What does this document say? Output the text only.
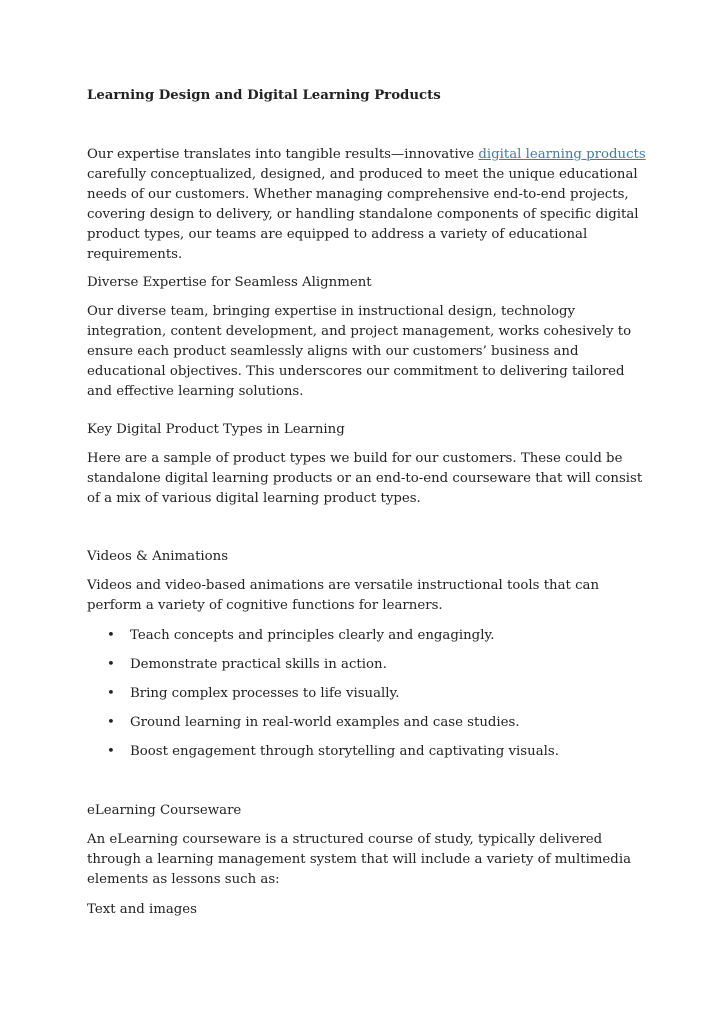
Learning Design and Digital Learning Products

Our expertise translates into tangible results—innovative digital learning products carefully conceptualized, designed, and produced to meet the unique educational needs of our customers. Whether managing comprehensive end-to-end projects, covering design to delivery, or handling standalone components of specific digital product types, our teams are equipped to address a variety of educational requirements.

Diverse Expertise for Seamless Alignment

Our diverse team, bringing expertise in instructional design, technology integration, content development, and project management, works cohesively to ensure each product seamlessly aligns with our customers’ business and educational objectives. This underscores our commitment to delivering tailored and effective learning solutions.

Key Digital Product Types in Learning

Here are a sample of product types we build for our customers. These could be standalone digital learning products or an end-to-end courseware that will consist of a mix of various digital learning product types.

Videos & Animations

Videos and video-based animations are versatile instructional tools that can perform a variety of cognitive functions for learners.

• Teach concepts and principles clearly and engagingly.
• Demonstrate practical skills in action.
• Bring complex processes to life visually.
• Ground learning in real-world examples and case studies.
• Boost engagement through storytelling and captivating visuals.

eLearning Courseware

An eLearning courseware is a structured course of study, typically delivered through a learning management system that will include a variety of multimedia elements as lessons such as:

Text and images
